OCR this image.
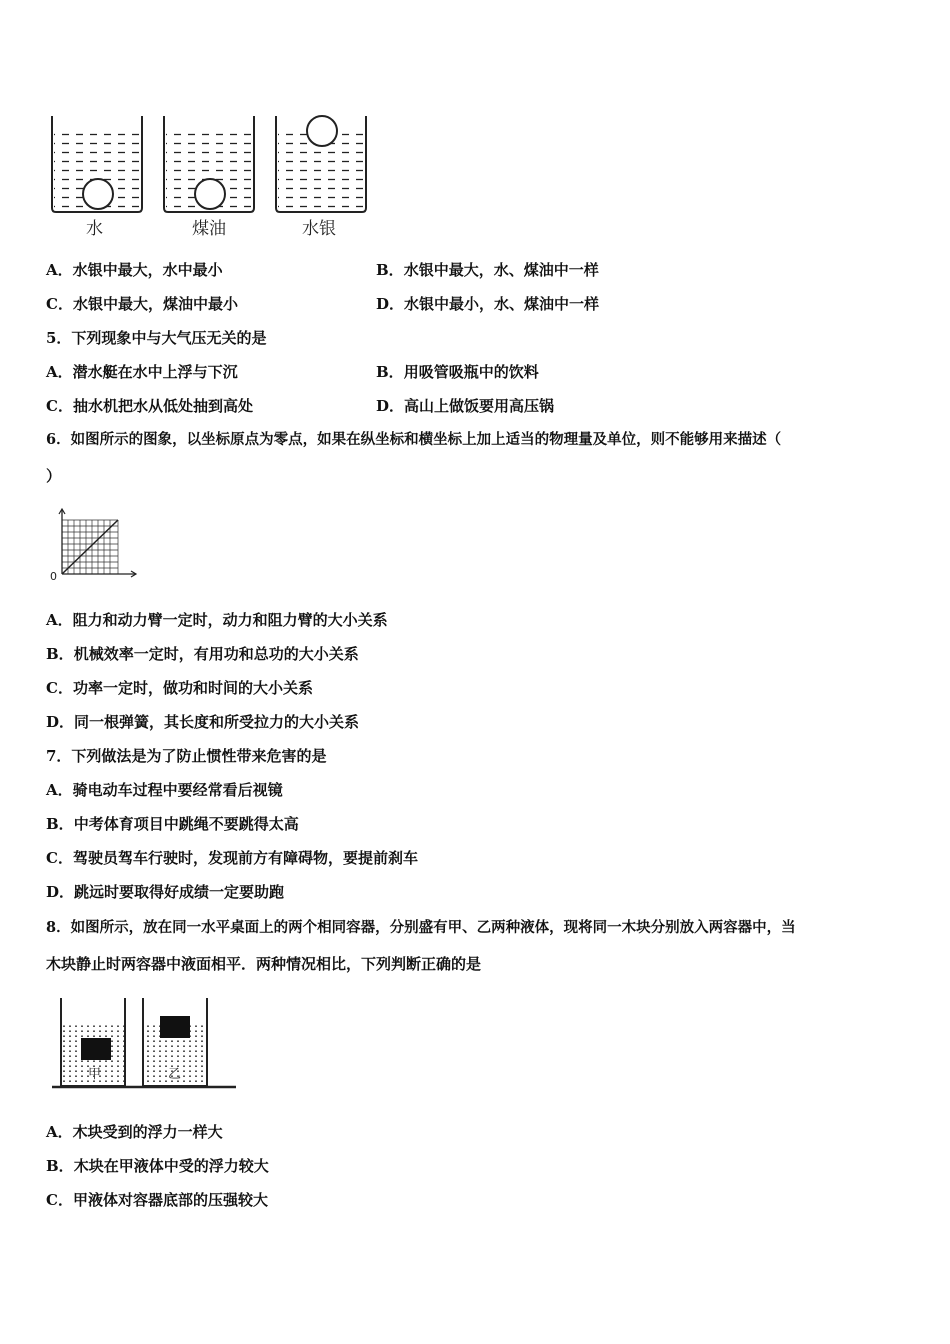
水	煤油	水银
A．水银中最大，水中最小	B．水银中最大，水、煤油中一样
C．水银中最大，煤油中最小	D．水银中最小，水、煤油中一样
5．下列现象中与大气压无关的是
A．潜水艇在水中上浮与下沉	B．用吸管吸瓶中的饮料
C．抽水机把水从低处抽到高处	D．高山上做饭要用高压锅
6．如图所示的图象，以坐标原点为零点，如果在纵坐标和横坐标上加上适当的物理量及单位，则不能够用来描述（
）
0
A．阻力和动力臂一定时，动力和阻力臂的大小关系
B．机械效率一定时，有用功和总功的大小关系
C．功率一定时，做功和时间的大小关系
D．同一根弹簧，其长度和所受拉力的大小关系
7．下列做法是为了防止惯性带来危害的是
A．骑电动车过程中要经常看后视镜
B．中考体育项目中跳绳不要跳得太高
C．驾驶员驾车行驶时，发现前方有障碍物，要提前刹车
D．跳远时要取得好成绩一定要助跑
8．如图所示，放在同一水平桌面上的两个相同容器，分别盛有甲、乙两种液体，现将同一木块分别放入两容器中，当
木块静止时两容器中液面相平．两种情况相比，下列判断正确的是
甲	乙
A．木块受到的浮力一样大
B．木块在甲液体中受的浮力较大
C．甲液体对容器底部的压强较大
